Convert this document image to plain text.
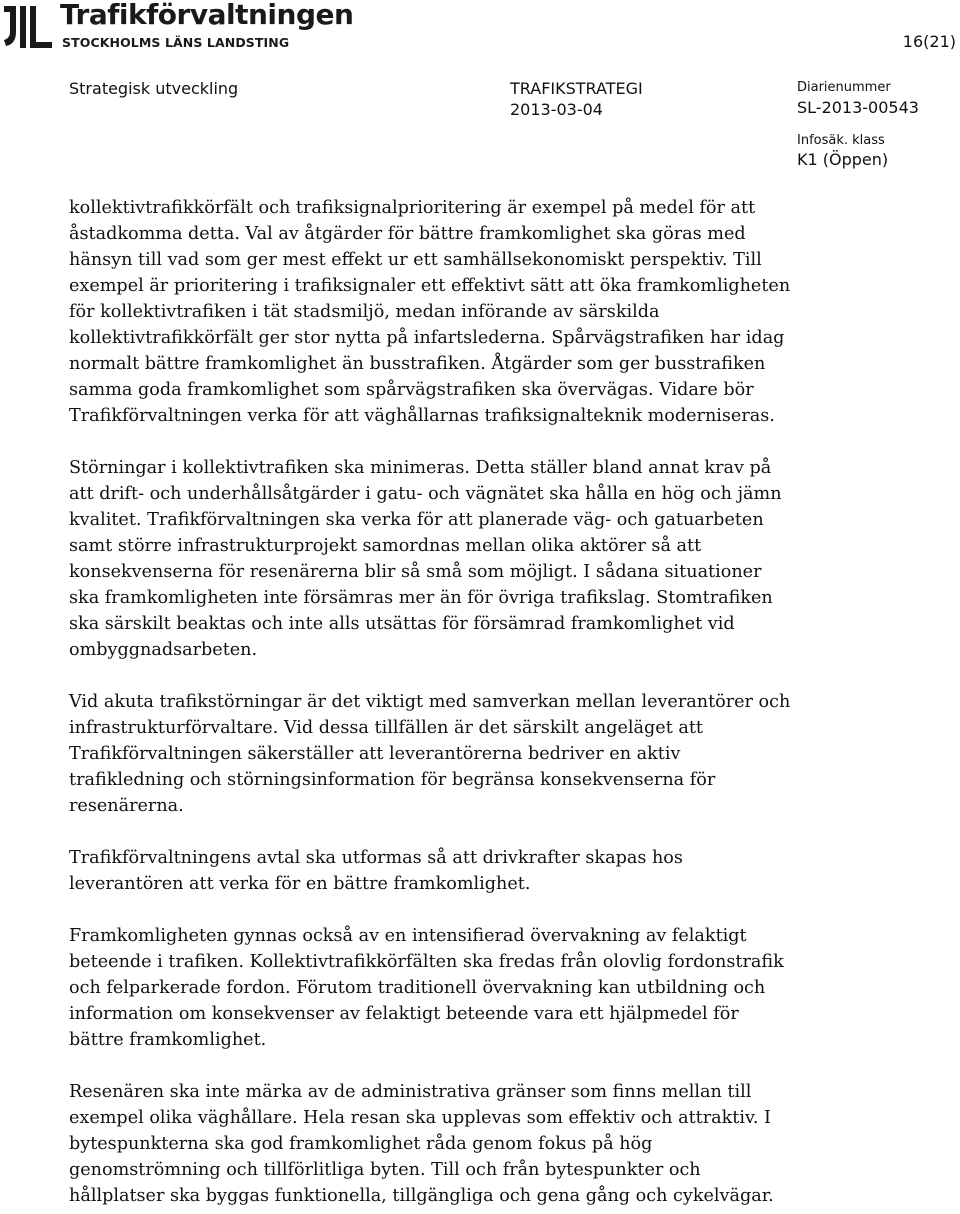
Trafikförvaltningen
STOCKHOLMS LÄNS LANDSTING	16(21)
Strategisk utveckling	TRAFIKSTRATEGI
2013-03-04
Diarienummer
SL-2013-00543
Infosäk. klass
K1 (Öppen)

kollektivtrafikkörfält och trafiksignalprioritering är exempel på medel för att
åstadkomma detta. Val av åtgärder för bättre framkomlighet ska göras med
hänsyn till vad som ger mest effekt ur ett samhällsekonomiskt perspektiv. Till
exempel är prioritering i trafiksignaler ett effektivt sätt att öka framkomligheten
för kollektivtrafiken i tät stadsmiljö, medan införande av särskilda
kollektivtrafikkörfält ger stor nytta på infartslederna. Spårvägstrafiken har idag
normalt bättre framkomlighet än busstrafiken. Åtgärder som ger busstrafiken
samma goda framkomlighet som spårvägstrafiken ska övervägas. Vidare bör
Trafikförvaltningen verka för att väghållarnas trafiksignalteknik moderniseras.

Störningar i kollektivtrafiken ska minimeras. Detta ställer bland annat krav på
att drift- och underhållsåtgärder i gatu- och vägnätet ska hålla en hög och jämn
kvalitet. Trafikförvaltningen ska verka för att planerade väg- och gatuarbeten
samt större infrastrukturprojekt samordnas mellan olika aktörer så att
konsekvenserna för resenärerna blir så små som möjligt. I sådana situationer
ska framkomligheten inte försämras mer än för övriga trafikslag. Stomtrafiken
ska särskilt beaktas och inte alls utsättas för försämrad framkomlighet vid
ombyggnadsarbeten.

Vid akuta trafikstörningar är det viktigt med samverkan mellan leverantörer och
infrastrukturförvaltare. Vid dessa tillfällen är det särskilt angeläget att
Trafikförvaltningen säkerställer att leverantörerna bedriver en aktiv
trafikledning och störningsinformation för begränsa konsekvenserna för
resenärerna.

Trafikförvaltningens avtal ska utformas så att drivkrafter skapas hos
leverantören att verka för en bättre framkomlighet.

Framkomligheten gynnas också av en intensifierad övervakning av felaktigt
beteende i trafiken. Kollektivtrafikkörfälten ska fredas från olovlig fordonstrafik
och felparkerade fordon. Förutom traditionell övervakning kan utbildning och
information om konsekvenser av felaktigt beteende vara ett hjälpmedel för
bättre framkomlighet.

Resenären ska inte märka av de administrativa gränser som finns mellan till
exempel olika väghållare. Hela resan ska upplevas som effektiv och attraktiv. I
bytespunkterna ska god framkomlighet råda genom fokus på hög
genomströmning och tillförlitliga byten. Till och från bytespunkter och
hållplatser ska byggas funktionella, tillgängliga och gena gång och cykelvägar.
